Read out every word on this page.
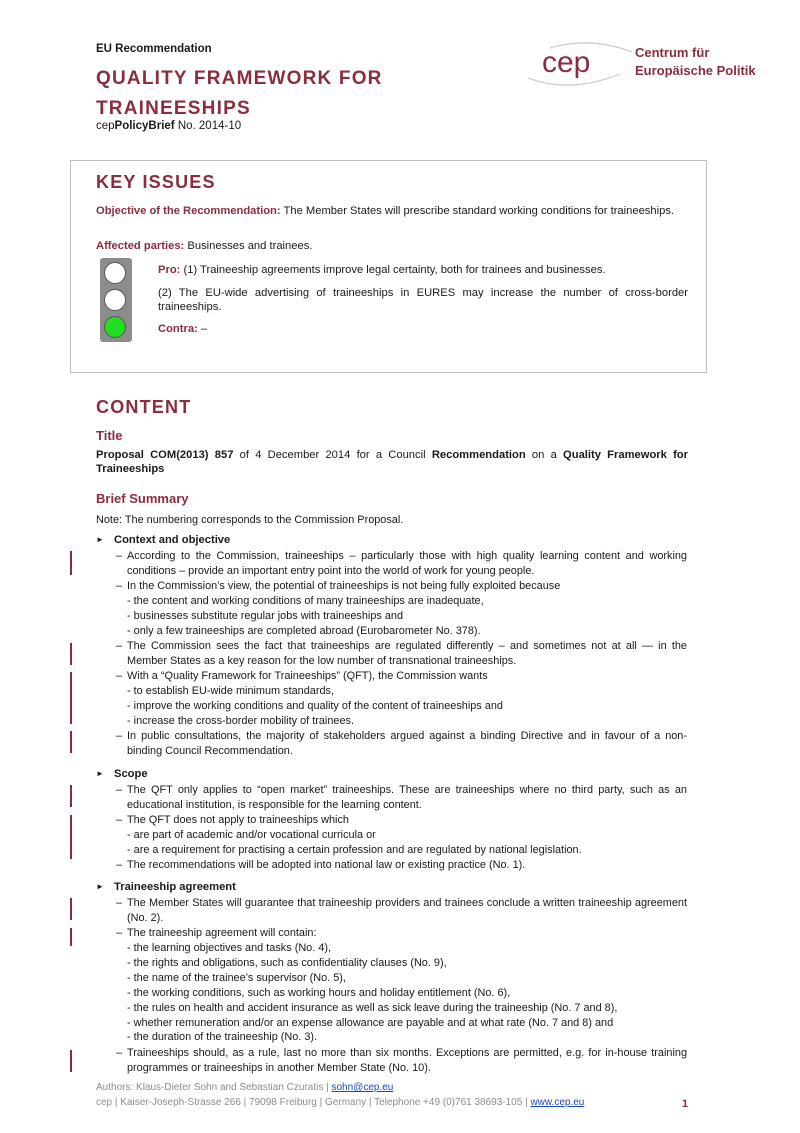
EU Recommendation
QUALITY FRAMEWORK FOR
TRAINEESHIPS
cepPolicyBrief No. 2014-10
cep	Centrum für
Europäische Politik
KEY ISSUES
Objective of the Recommendation: The Member States will prescribe standard working conditions for traineeships.
Affected parties: Businesses and trainees.
Pro: (1) Traineeship agreements improve legal certainty, both for trainees and businesses.
(2) The EU-wide advertising of traineeships in EURES may increase the number of cross-border traineeships.
Contra: –
CONTENT
Title
Proposal COM(2013) 857 of 4 December 2014 for a Council Recommendation on a Quality Framework for Traineeships
Brief Summary
Note: The numbering corresponds to the Commission Proposal.
► Context and objective
– According to the Commission, traineeships – particularly those with high quality learning content and working conditions – provide an important entry point into the world of work for young people.
– In the Commission’s view, the potential of traineeships is not being fully exploited because
- the content and working conditions of many traineeships are inadequate,
- businesses substitute regular jobs with traineeships and
- only a few traineeships are completed abroad (Eurobarometer No. 378).
– The Commission sees the fact that traineeships are regulated differently – and sometimes not at all — in the Member States as a key reason for the low number of transnational traineeships.
– With a “Quality Framework for Traineeships” (QFT), the Commission wants
- to establish EU-wide minimum standards,
- improve the working conditions and quality of the content of traineeships and
- increase the cross-border mobility of trainees.
– In public consultations, the majority of stakeholders argued against a binding Directive and in favour of a non-binding Council Recommendation.
► Scope
– The QFT only applies to “open market” traineeships. These are traineeships where no third party, such as an educational institution, is responsible for the learning content.
– The QFT does not apply to traineeships which
- are part of academic and/or vocational curricula or
- are a requirement for practising a certain profession and are regulated by national legislation.
– The recommendations will be adopted into national law or existing practice (No. 1).
► Traineeship agreement
– The Member States will guarantee that traineeship providers and trainees conclude a written traineeship agreement (No. 2).
– The traineeship agreement will contain:
- the learning objectives and tasks (No. 4),
- the rights and obligations, such as confidentiality clauses (No. 9),
- the name of the trainee’s supervisor (No. 5),
- the working conditions, such as working hours and holiday entitlement (No. 6),
- the rules on health and accident insurance as well as sick leave during the traineeship (No. 7 and 8),
- whether remuneration and/or an expense allowance are payable and at what rate (No. 7 and 8) and
- the duration of the traineeship (No. 3).
– Traineeships should, as a rule, last no more than six months. Exceptions are permitted, e.g. for in-house training programmes or traineeships in another Member State (No. 10).
Authors: Klaus-Dieter Sohn and Sebastian Czuratis | sohn@cep.eu
cep | Kaiser-Joseph-Strasse 266 | 79098 Freiburg | Germany | Telephone +49 (0)761 38693-105 | www.cep.eu	1
